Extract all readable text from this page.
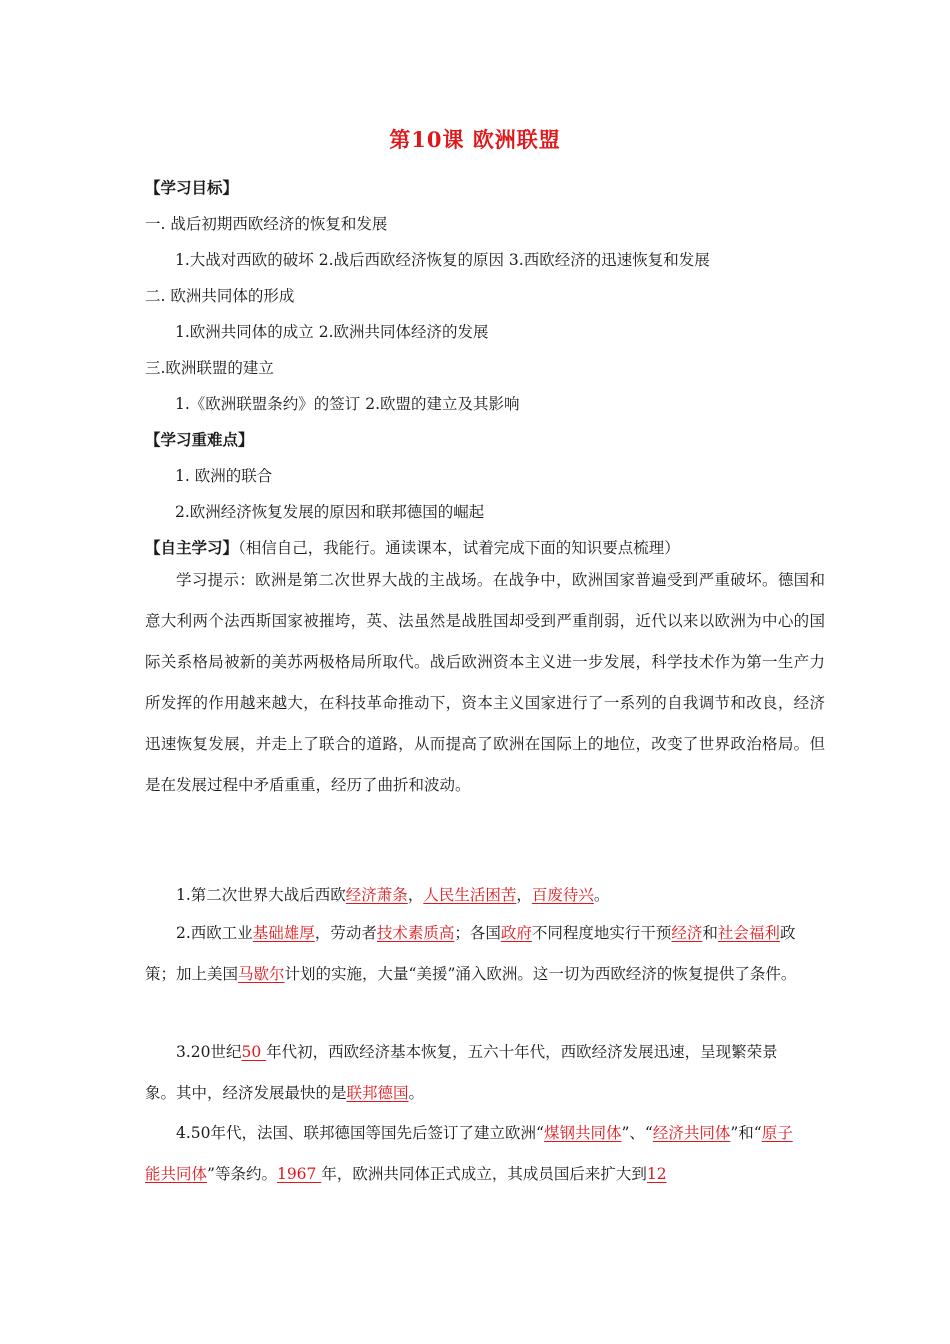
第10课 欧洲联盟
【学习目标】
一. 战后初期西欧经济的恢复和发展
1.大战对西欧的破坏 2.战后西欧经济恢复的原因 3.西欧经济的迅速恢复和发展
二. 欧洲共同体的形成
1.欧洲共同体的成立 2.欧洲共同体经济的发展
三.欧洲联盟的建立
1.《欧洲联盟条约》的签订 2.欧盟的建立及其影响
【学习重难点】
1. 欧洲的联合
2.欧洲经济恢复发展的原因和联邦德国的崛起
【自主学习】（相信自己，我能行。通读课本，试着完成下面的知识要点梳理）
学习提示：欧洲是第二次世界大战的主战场。在战争中，欧洲国家普遍受到严重破坏。德国和意大利两个法西斯国家被摧垮，英、法虽然是战胜国却受到严重削弱，近代以来以欧洲为中心的国际关系格局被新的美苏两极格局所取代。战后欧洲资本主义进一步发展，科学技术作为第一生产力所发挥的作用越来越大，在科技革命推动下，资本主义国家进行了一系列的自我调节和改良，经济迅速恢复发展，并走上了联合的道路，从而提高了欧洲在国际上的地位，改变了世界政治格局。但是在发展过程中矛盾重重，经历了曲折和波动。
1.第二次世界大战后西欧经济萧条，人民生活困苦，百废待兴。
2.西欧工业基础雄厚，劳动者技术素质高；各国政府不同程度地实行干预经济和社会福利政策；加上美国马歇尔计划的实施，大量“美援”涌入欧洲。这一切为西欧经济的恢复提供了条件。
3.20世纪50 年代初，西欧经济基本恢复，五六十年代，西欧经济发展迅速，呈现繁荣景象。其中，经济发展最快的是联邦德国。
4.50年代，法国、联邦德国等国先后签订了建立欧洲“煤钢共同体”、“经济共同体”和“原子能共同体”等条约。1967 年，欧洲共同体正式成立，其成员国后来扩大到12
